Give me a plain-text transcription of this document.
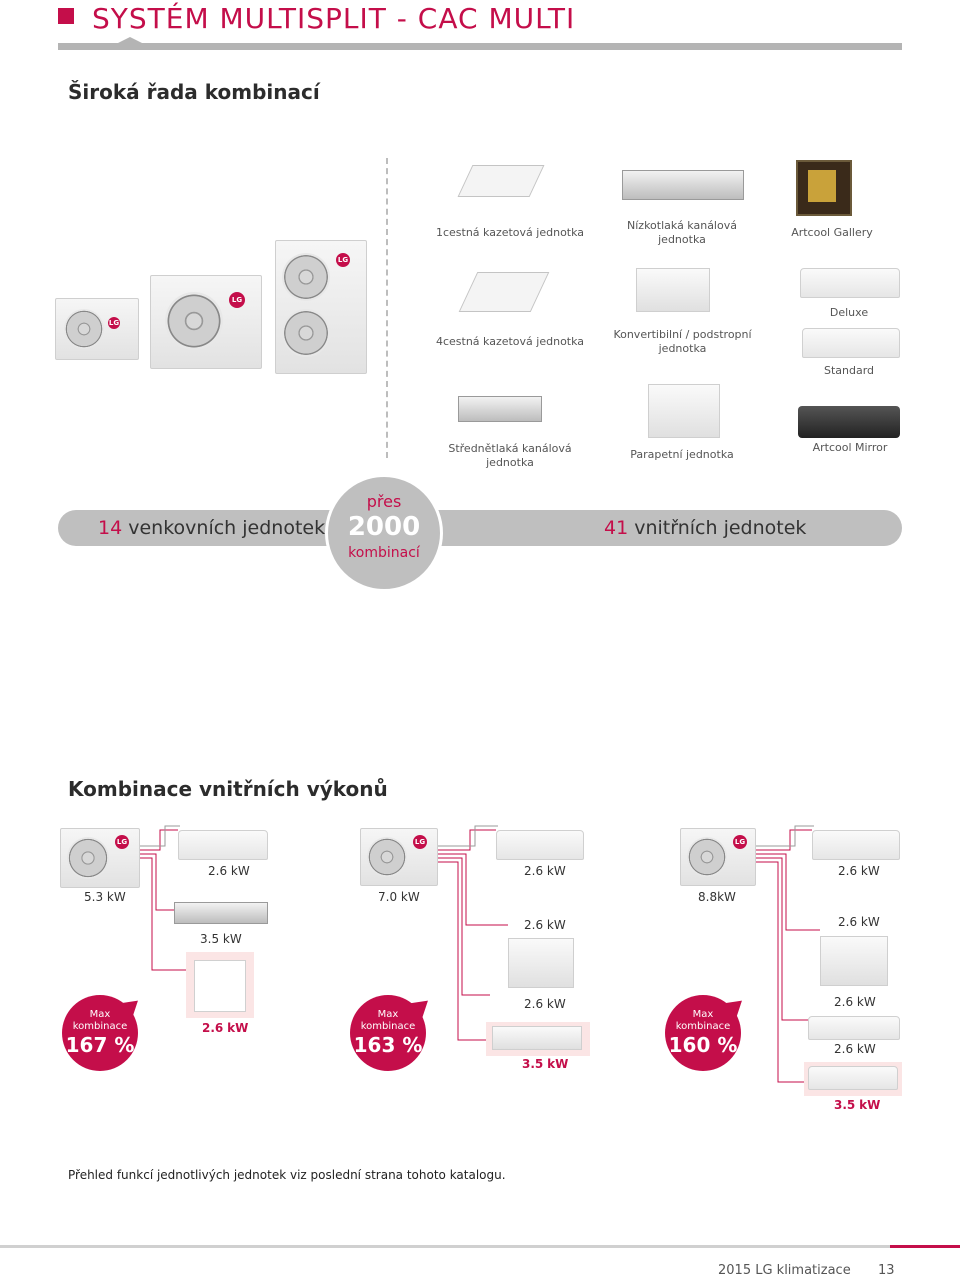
SYSTÉM MULTISPLIT - CAC MULTI
Široká řada kombinací
LG
LG
LG
1cestná kazetová jednotka
Nízkotlaká kanálová jednotka
Artcool Gallery
4cestná kazetová jednotka
Konvertibilní / podstropní jednotka
Deluxe
Standard
Střednětlaká kanálová jednotka
Parapetní jednotka
Artcool Mirror
14 venkovních jednotek
přes
2000
kombinací
41 vnitřních jednotek
Kombinace vnitřních výkonů
LG
5.3 kW
2.6 kW
3.5 kW
2.6 kW
Max
kombinace
167 %
LG
7.0 kW
2.6 kW
2.6 kW
2.6 kW
3.5 kW
Max
kombinace
163 %
LG
8.8kW
2.6 kW
2.6 kW
2.6 kW
2.6 kW
3.5 kW
Max
kombinace
160 %
Přehled funkcí jednotlivých jednotek viz poslední strana tohoto katalogu.
2015 LG klimatizace 13
